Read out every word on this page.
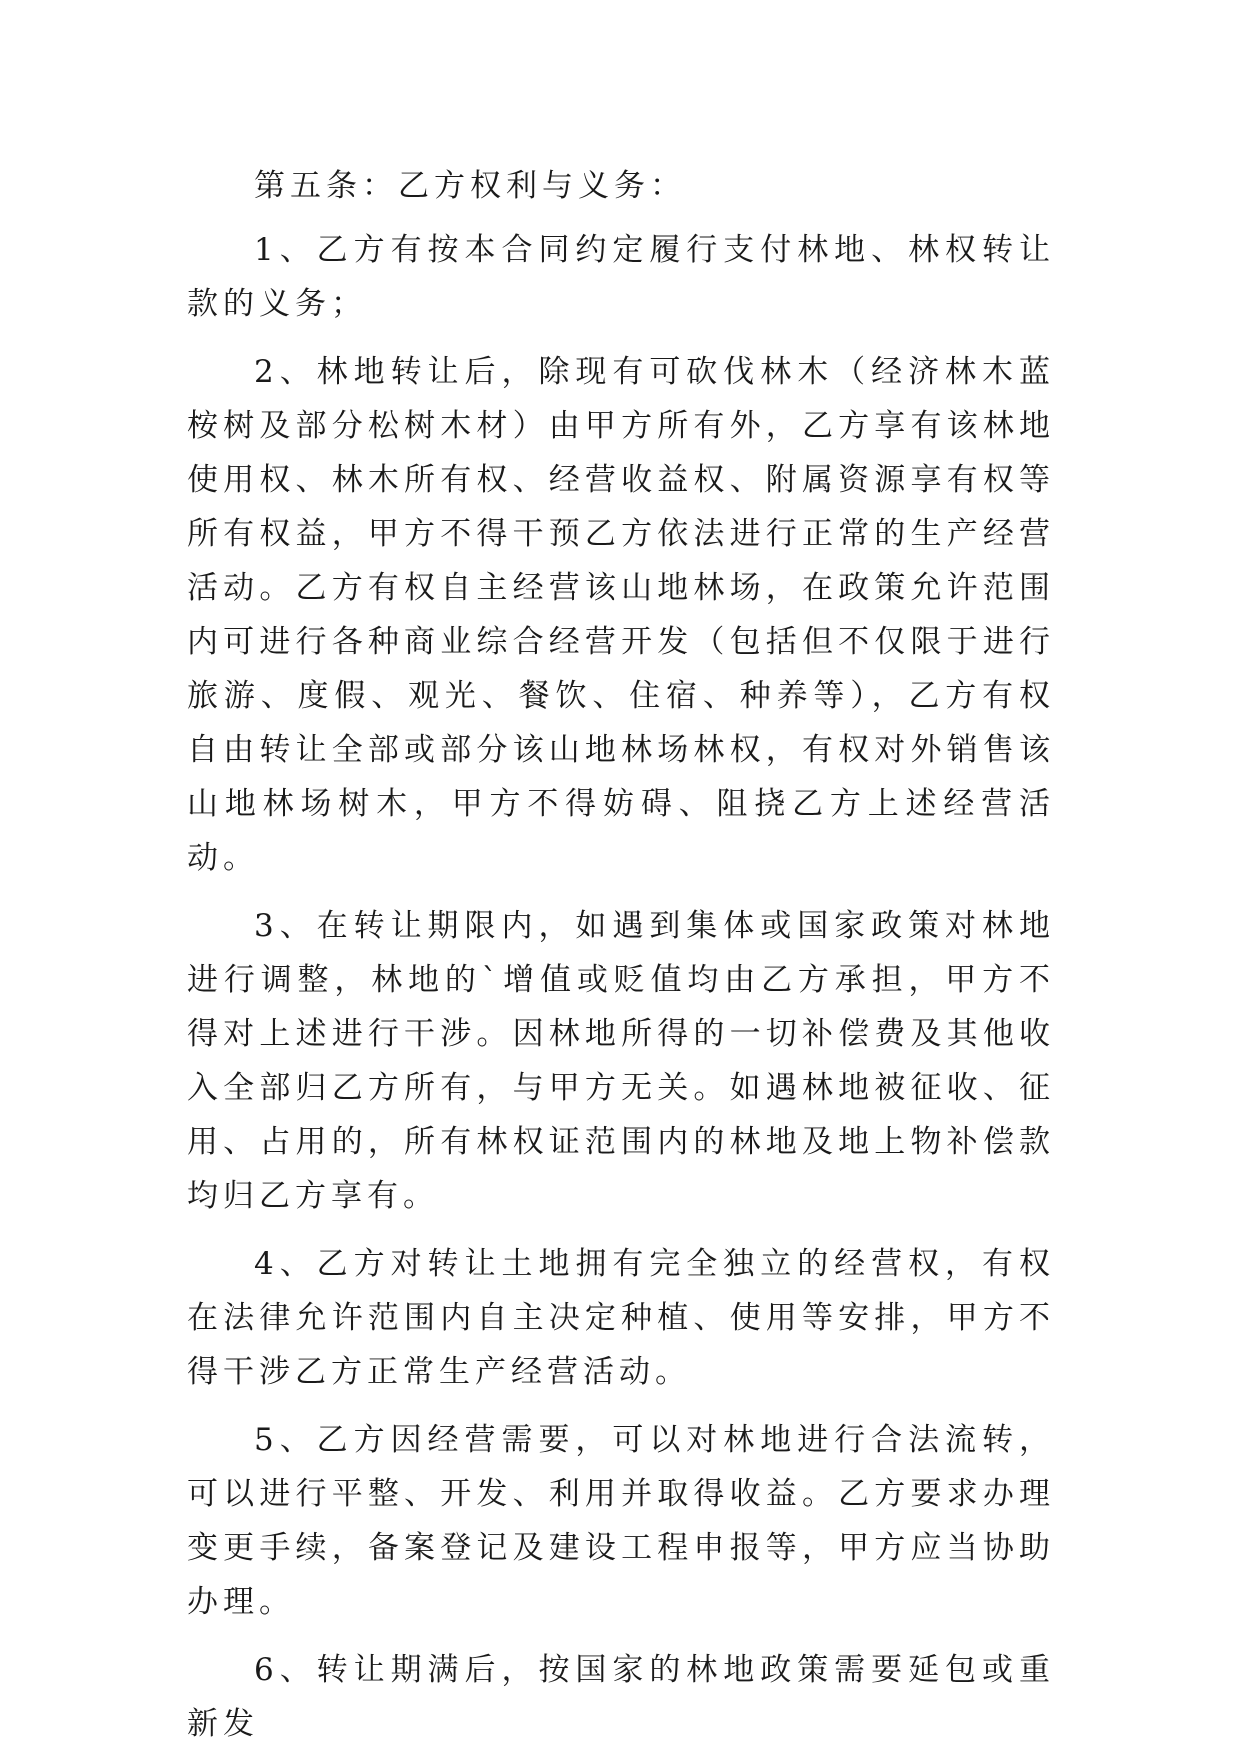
第五条：乙方权利与义务：

1、乙方有按本合同约定履行支付林地、林权转让款的义务；

2、林地转让后，除现有可砍伐林木（经济林木蓝桉树及部分松树木材）由甲方所有外，乙方享有该林地使用权、林木所有权、经营收益权、附属资源享有权等所有权益，甲方不得干预乙方依法进行正常的生产经营活动。乙方有权自主经营该山地林场，在政策允许范围内可进行各种商业综合经营开发（包括但不仅限于进行旅游、度假、观光、餐饮、住宿、种养等），乙方有权自由转让全部或部分该山地林场林权，有权对外销售该山地林场树木，甲方不得妨碍、阻挠乙方上述经营活动。

3、在转让期限内，如遇到集体或国家政策对林地进行调整，林地的`增值或贬值均由乙方承担，甲方不得对上述进行干涉。因林地所得的一切补偿费及其他收入全部归乙方所有，与甲方无关。如遇林地被征收、征用、占用的，所有林权证范围内的林地及地上物补偿款均归乙方享有。

4、乙方对转让土地拥有完全独立的经营权，有权在法律允许范围内自主决定种植、使用等安排，甲方不得干涉乙方正常生产经营活动。

5、乙方因经营需要，可以对林地进行合法流转，可以进行平整、开发、利用并取得收益。乙方要求办理变更手续，备案登记及建设工程申报等，甲方应当协助办理。

6、转让期满后，按国家的林地政策需要延包或重新发
